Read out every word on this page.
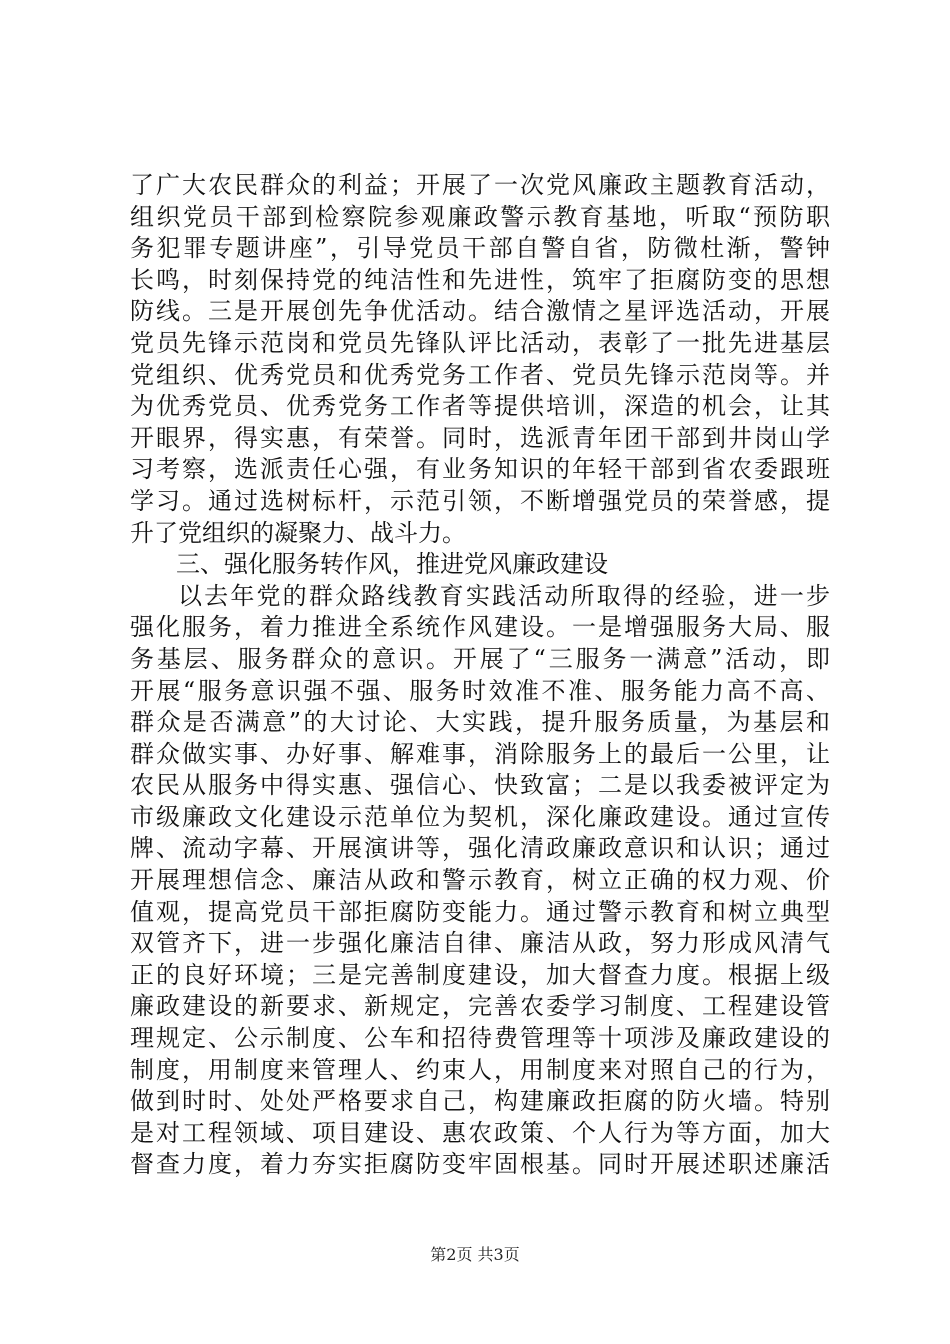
了广大农民群众的利益；开展了一次党风廉政主题教育活动，
组织党员干部到检察院参观廉政警示教育基地，听取“预防职
务犯罪专题讲座”，引导党员干部自警自省，防微杜渐，警钟
长鸣，时刻保持党的纯洁性和先进性，筑牢了拒腐防变的思想
防线。三是开展创先争优活动。结合激情之星评选活动，开展
党员先锋示范岗和党员先锋队评比活动，表彰了一批先进基层
党组织、优秀党员和优秀党务工作者、党员先锋示范岗等。并
为优秀党员、优秀党务工作者等提供培训，深造的机会，让其
开眼界，得实惠，有荣誉。同时，选派青年团干部到井岗山学
习考察，选派责任心强，有业务知识的年轻干部到省农委跟班
学习。通过选树标杆，示范引领，不断增强党员的荣誉感，提
升了党组织的凝聚力、战斗力。
三、强化服务转作风，推进党风廉政建设
以去年党的群众路线教育实践活动所取得的经验，进一步
强化服务，着力推进全系统作风建设。一是增强服务大局、服
务基层、服务群众的意识。开展了“三服务一满意”活动，即
开展“服务意识强不强、服务时效准不准、服务能力高不高、
群众是否满意”的大讨论、大实践，提升服务质量，为基层和
群众做实事、办好事、解难事，消除服务上的最后一公里，让
农民从服务中得实惠、强信心、快致富；二是以我委被评定为
市级廉政文化建设示范单位为契机，深化廉政建设。通过宣传
牌、流动字幕、开展演讲等，强化清政廉政意识和认识；通过
开展理想信念、廉洁从政和警示教育，树立正确的权力观、价
值观，提高党员干部拒腐防变能力。通过警示教育和树立典型
双管齐下，进一步强化廉洁自律、廉洁从政，努力形成风清气
正的良好环境；三是完善制度建设，加大督查力度。根据上级
廉政建设的新要求、新规定，完善农委学习制度、工程建设管
理规定、公示制度、公车和招待费管理等十项涉及廉政建设的
制度，用制度来管理人、约束人，用制度来对照自己的行为，
做到时时、处处严格要求自己，构建廉政拒腐的防火墙。特别
是对工程领域、项目建设、惠农政策、个人行为等方面，加大
督查力度，着力夯实拒腐防变牢固根基。同时开展述职述廉活
第2页 共3页
